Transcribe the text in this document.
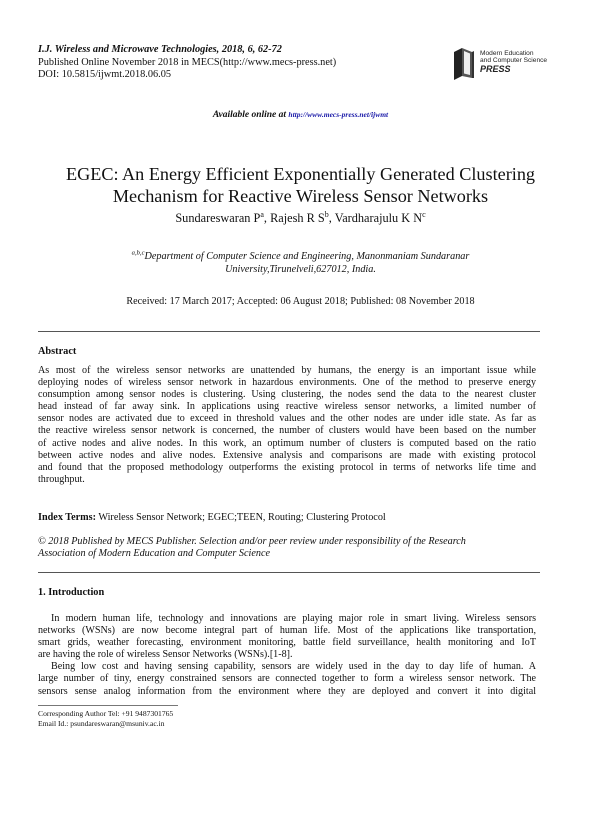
I.J. Wireless and Microwave Technologies, 2018, 6, 62-72
Published Online November 2018 in MECS(http://www.mecs-press.net)
DOI: 10.5815/ijwmt.2018.06.05
Modern Education
and Computer Science
PRESS
Available online at http://www.mecs-press.net/ijwmt
EGEC: An Energy Efficient Exponentially Generated Clustering
Mechanism for Reactive Wireless Sensor Networks
Sundareswaran $P^a$, Rajesh R $S^b$, Vardharajulu K $N^c$
$^{a,b,c}$Department of Computer Science and Engineering, Manonmaniam Sundaranar
University,Tirunelveli,627012, India.
Received: 17 March 2017; Accepted: 06 August 2018; Published: 08 November 2018
Abstract
As most of the wireless sensor networks are unattended by humans, the energy is an important issue while
deploying nodes of wireless sensor network in hazardous environments. One of the method to preserve energy
consumption among sensor nodes is clustering. Using clustering, the nodes send the data to the nearest cluster
head instead of far away sink. In applications using reactive wireless sensor networks, a limited number of
sensor nodes are activated due to exceed in threshold values and the other nodes are under idle state. As far as
the reactive wireless sensor network is concerned, the number of clusters would have been based on the number
of active nodes and alive nodes. In this work, an optimum number of clusters is computed based on the ratio
between active nodes and alive nodes. Extensive analysis and comparisons are made with existing protocol
and found that the proposed methodology outperforms the existing protocol in terms of networks life time and
throughput.
Index Terms: Wireless Sensor Network; EGEC;TEEN, Routing; Clustering Protocol
© 2018 Published by MECS Publisher. Selection and/or peer review under responsibility of the Research
Association of Modern Education and Computer Science
1. Introduction
In modern human life, technology and innovations are playing major role in smart living. Wireless sensors
networks (WSNs) are now become integral part of human life. Most of the applications like transportation,
smart grids, weather forecasting, environment monitoring, battle field surveillance, health monitoring and IoT
are having the role of wireless Sensor Networks (WSNs).[1-8].
Being low cost and having sensing capability, sensors are widely used in the day to day life of human. A
large number of tiny, energy constrained sensors are connected together to form a wireless sensor network. The
sensors sense analog information from the environment where they are deployed and convert it into digital
Corresponding Author Tel: +91 9487301765
Email Id.: psundareswaran@msuniv.ac.in
